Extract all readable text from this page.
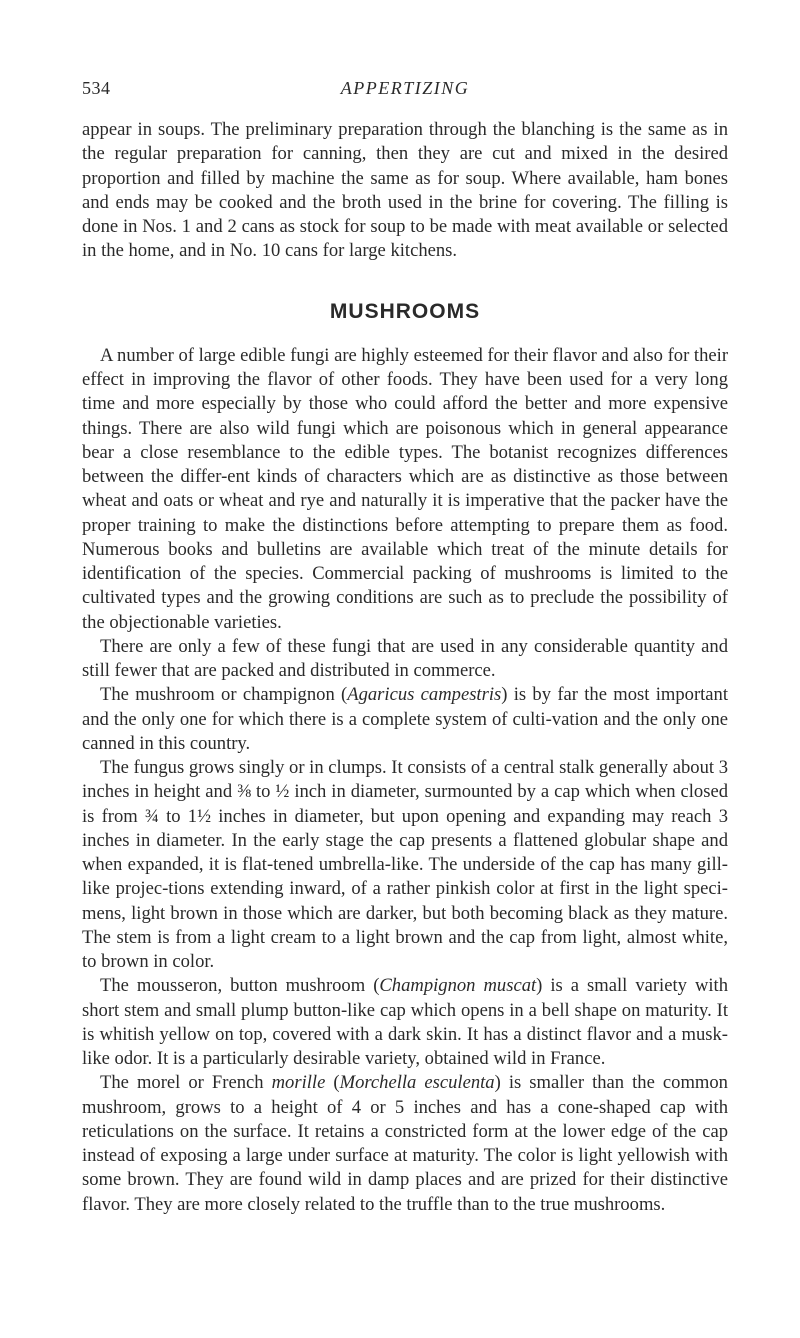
534	APPERTIZING

appear in soups. The preliminary preparation through the blanching is the same as in the regular preparation for canning, then they are cut and mixed in the desired proportion and filled by machine the same as for soup. Where available, ham bones and ends may be cooked and the broth used in the brine for covering. The filling is done in Nos. 1 and 2 cans as stock for soup to be made with meat available or selected in the home, and in No. 10 cans for large kitchens.

MUSHROOMS

A number of large edible fungi are highly esteemed for their flavor and also for their effect in improving the flavor of other foods. They have been used for a very long time and more especially by those who could afford the better and more expensive things. There are also wild fungi which are poisonous which in general appearance bear a close resemblance to the edible types. The botanist recognizes differences between the differ-ent kinds of characters which are as distinctive as those between wheat and oats or wheat and rye and naturally it is imperative that the packer have the proper training to make the distinctions before attempting to prepare them as food. Numerous books and bulletins are available which treat of the minute details for identification of the species. Commercial packing of mushrooms is limited to the cultivated types and the growing conditions are such as to preclude the possibility of the objectionable varieties.

There are only a few of these fungi that are used in any considerable quantity and still fewer that are packed and distributed in commerce.

The mushroom or champignon (Agaricus campestris) is by far the most important and the only one for which there is a complete system of culti-vation and the only one canned in this country.

The fungus grows singly or in clumps. It consists of a central stalk generally about 3 inches in height and ⅜ to ½ inch in diameter, surmounted by a cap which when closed is from ¾ to 1½ inches in diameter, but upon opening and expanding may reach 3 inches in diameter. In the early stage the cap presents a flattened globular shape and when expanded, it is flat-tened umbrella-like. The underside of the cap has many gill-like projec-tions extending inward, of a rather pinkish color at first in the light speci-mens, light brown in those which are darker, but both becoming black as they mature. The stem is from a light cream to a light brown and the cap from light, almost white, to brown in color.

The mousseron, button mushroom (Champignon muscat) is a small variety with short stem and small plump button-like cap which opens in a bell shape on maturity. It is whitish yellow on top, covered with a dark skin. It has a distinct flavor and a musk-like odor. It is a particularly desirable variety, obtained wild in France.

The morel or French morille (Morchella esculenta) is smaller than the common mushroom, grows to a height of 4 or 5 inches and has a cone-shaped cap with reticulations on the surface. It retains a constricted form at the lower edge of the cap instead of exposing a large under surface at maturity. The color is light yellowish with some brown. They are found wild in damp places and are prized for their distinctive flavor. They are more closely related to the truffle than to the true mushrooms.
